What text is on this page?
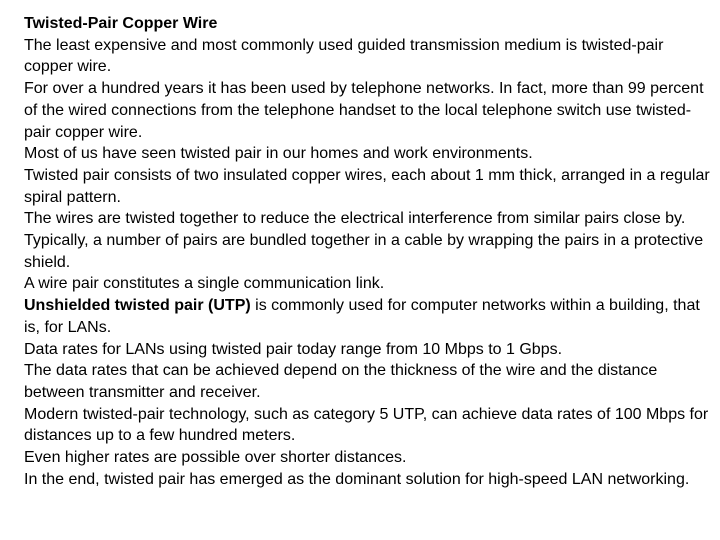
Twisted-Pair Copper Wire

The least expensive and most commonly used guided transmission medium is twisted-pair copper wire.

For over a hundred years it has been used by telephone networks. In fact, more than 99 percent of the wired connections from the telephone handset to the local telephone switch use twisted-pair copper wire.

Most of us have seen twisted pair in our homes and work environments.

Twisted pair consists of two insulated copper wires, each about 1 mm thick, arranged in a regular spiral pattern.

The wires are twisted together to reduce the electrical interference from similar pairs close by.

Typically, a number of pairs are bundled together in a cable by wrapping the pairs in a protective shield.

A wire pair constitutes a single communication link.

Unshielded twisted pair (UTP) is commonly used for computer networks within a building, that is, for LANs.

Data rates for LANs using twisted pair today range from 10 Mbps to 1 Gbps.

The data rates that can be achieved depend on the thickness of the wire and the distance between transmitter and receiver.

Modern twisted-pair technology, such as category 5 UTP, can achieve data rates of 100 Mbps for distances up to a few hundred meters.

Even higher rates are possible over shorter distances.

In the end, twisted pair has emerged as the dominant solution for high-speed LAN networking.
